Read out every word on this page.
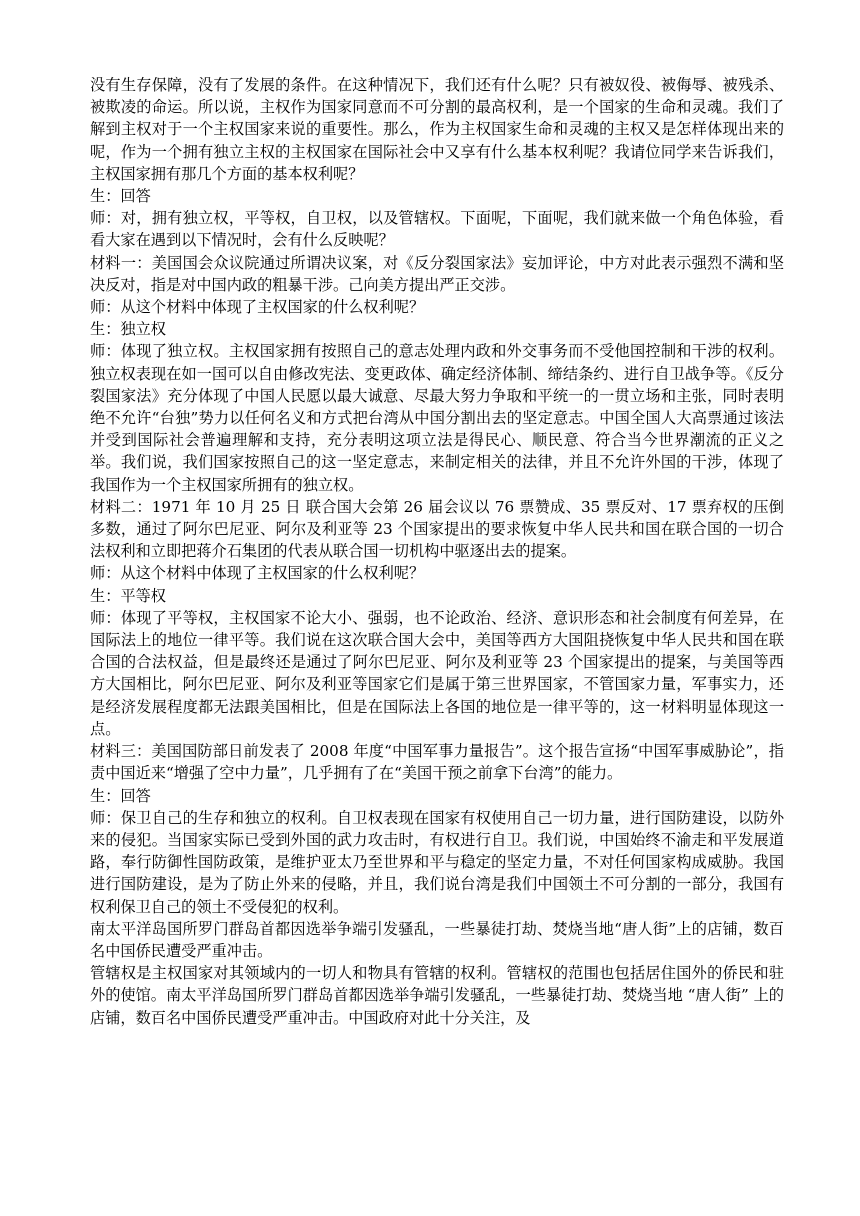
没有生存保障，没有了发展的条件。在这种情况下，我们还有什么呢？只有被奴役、被侮辱、被残杀、被欺凌的命运。所以说，主权作为国家同意而不可分割的最高权利，是一个国家的生命和灵魂。我们了解到主权对于一个主权国家来说的重要性。那么，作为主权国家生命和灵魂的主权又是怎样体现出来的呢，作为一个拥有独立主权的主权国家在国际社会中又享有什么基本权利呢？我请位同学来告诉我们，主权国家拥有那几个方面的基本权利呢？

生：回答

师：对，拥有独立权，平等权，自卫权，以及管辖权。下面呢，下面呢，我们就来做一个角色体验，看看大家在遇到以下情况时，会有什么反映呢？

材料一：美国国会众议院通过所谓决议案，对《反分裂国家法》妄加评论，中方对此表示强烈不满和坚决反对，指是对中国内政的粗暴干涉。己向美方提出严正交涉。

师：从这个材料中体现了主权国家的什么权利呢？

生：独立权

师：体现了独立权。主权国家拥有按照自己的意志处理内政和外交事务而不受他国控制和干涉的权利。独立权表现在如一国可以自由修改宪法、变更政体、确定经济体制、缔结条约、进行自卫战争等。《反分裂国家法》充分体现了中国人民愿以最大诚意、尽最大努力争取和平统一的一贯立场和主张，同时表明绝不允许“台独”势力以任何名义和方式把台湾从中国分割出去的坚定意志。中国全国人大高票通过该法并受到国际社会普遍理解和支持，充分表明这项立法是得民心、顺民意、符合当今世界潮流的正义之举。我们说，我们国家按照自己的这一坚定意志，来制定相关的法律，并且不允许外国的干涉，体现了我国作为一个主权国家所拥有的独立权。

材料二：1971 年 10 月 25 日 联合国大会第 26 届会议以 76 票赞成、35 票反对、17 票弃权的压倒多数，通过了阿尔巴尼亚、阿尔及利亚等 23 个国家提出的要求恢复中华人民共和国在联合国的一切合法权利和立即把蒋介石集团的代表从联合国一切机构中驱逐出去的提案。

师：从这个材料中体现了主权国家的什么权利呢？

生：平等权

师：体现了平等权，主权国家不论大小、强弱，也不论政治、经济、意识形态和社会制度有何差异，在国际法上的地位一律平等。我们说在这次联合国大会中，美国等西方大国阻挠恢复中华人民共和国在联合国的合法权益，但是最终还是通过了阿尔巴尼亚、阿尔及利亚等 23 个国家提出的提案，与美国等西方大国相比，阿尔巴尼亚、阿尔及利亚等国家它们是属于第三世界国家，不管国家力量，军事实力，还是经济发展程度都无法跟美国相比，但是在国际法上各国的地位是一律平等的，这一材料明显体现这一点。

材料三：美国国防部日前发表了 2008 年度“中国军事力量报告”。这个报告宣扬“中国军事威胁论”，指责中国近来“增强了空中力量”，几乎拥有了在“美国干预之前拿下台湾”的能力。

生：回答

师：保卫自己的生存和独立的权利。自卫权表现在国家有权使用自己一切力量，进行国防建设，以防外来的侵犯。当国家实际已受到外国的武力攻击时，有权进行自卫。我们说，中国始终不渝走和平发展道路，奉行防御性国防政策，是维护亚太乃至世界和平与稳定的坚定力量，不对任何国家构成威胁。我国进行国防建设，是为了防止外来的侵略，并且，我们说台湾是我们中国领土不可分割的一部分，我国有权利保卫自己的领土不受侵犯的权利。

南太平洋岛国所罗门群岛首都因选举争端引发骚乱，一些暴徒打劫、焚烧当地“唐人街”上的店铺，数百名中国侨民遭受严重冲击。

管辖权是主权国家对其领域内的一切人和物具有管辖的权利。管辖权的范围也包括居住国外的侨民和驻外的使馆。南太平洋岛国所罗门群岛首都因选举争端引发骚乱，一些暴徒打劫、焚烧当地 “唐人街” 上的店铺，数百名中国侨民遭受严重冲击。中国政府对此十分关注，及
